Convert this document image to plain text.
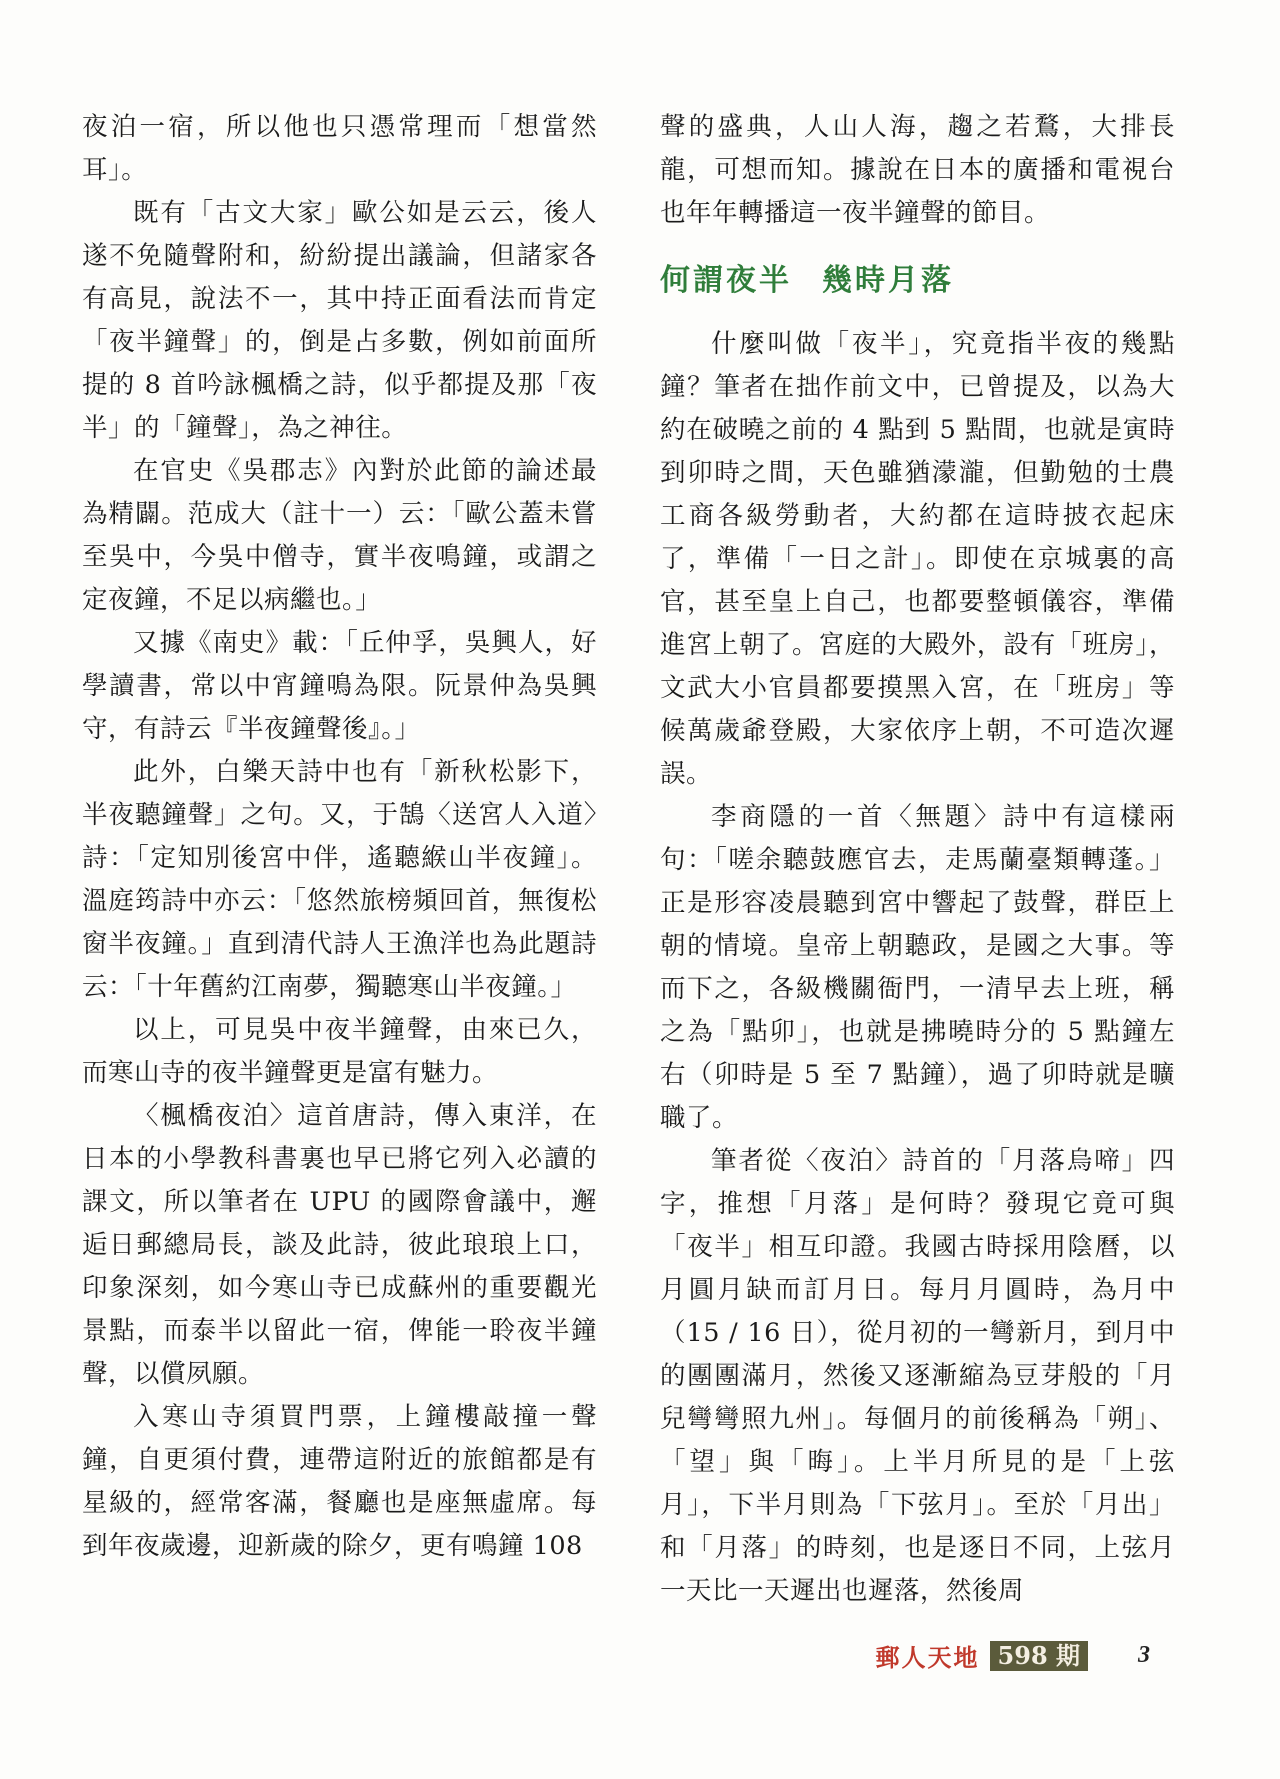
夜泊一宿，所以他也只憑常理而「想當然耳」。

既有「古文大家」歐公如是云云，後人遂不免隨聲附和，紛紛提出議論，但諸家各有高見，說法不一，其中持正面看法而肯定「夜半鐘聲」的，倒是占多數，例如前面所提的 8 首吟詠楓橋之詩，似乎都提及那「夜半」的「鐘聲」，為之神往。

在官史《吳郡志》內對於此節的論述最為精闢。范成大（註十一）云：「歐公蓋未嘗至吳中，今吳中僧寺，實半夜鳴鐘，或謂之定夜鐘，不足以病繼也。」

又據《南史》載：「丘仲孚，吳興人，好學讀書，常以中宵鐘鳴為限。阮景仲為吳興守，有詩云『半夜鐘聲後』。」

此外，白樂天詩中也有「新秋松影下，半夜聽鐘聲」之句。又，于鵠〈送宮人入道〉詩：「定知別後宮中伴，遙聽緱山半夜鐘」。溫庭筠詩中亦云：「悠然旅榜頻回首，無復松窗半夜鐘。」直到清代詩人王漁洋也為此題詩云：「十年舊約江南夢，獨聽寒山半夜鐘。」

以上，可見吳中夜半鐘聲，由來已久，而寒山寺的夜半鐘聲更是富有魅力。

〈楓橋夜泊〉這首唐詩，傳入東洋，在日本的小學教科書裏也早已將它列入必讀的課文，所以筆者在 UPU 的國際會議中，邂逅日郵總局長，談及此詩，彼此琅琅上口，印象深刻，如今寒山寺已成蘇州的重要觀光景點，而泰半以留此一宿，俾能一聆夜半鐘聲，以償夙願。

入寒山寺須買門票，上鐘樓敲撞一聲鐘，自更須付費，連帶這附近的旅館都是有星級的，經常客滿，餐廳也是座無虛席。每到年夜歲邊，迎新歲的除夕，更有鳴鐘 108

聲的盛典，人山人海，趨之若鶩，大排長龍，可想而知。據說在日本的廣播和電視台也年年轉播這一夜半鐘聲的節目。

何謂夜半 幾時月落

什麼叫做「夜半」，究竟指半夜的幾點鐘？筆者在拙作前文中，已曾提及，以為大約在破曉之前的 4 點到 5 點間，也就是寅時到卯時之間，天色雖猶濛瀧，但勤勉的士農工商各級勞動者，大約都在這時披衣起床了，準備「一日之計」。即使在京城裏的高官，甚至皇上自己，也都要整頓儀容，準備進宮上朝了。宮庭的大殿外，設有「班房」，文武大小官員都要摸黑入宮，在「班房」等候萬歲爺登殿，大家依序上朝，不可造次遲誤。

李商隱的一首〈無題〉詩中有這樣兩句：「嗟余聽鼓應官去，走馬蘭臺類轉蓬。」正是形容凌晨聽到宮中響起了鼓聲，群臣上朝的情境。皇帝上朝聽政，是國之大事。等而下之，各級機關衙門，一清早去上班，稱之為「點卯」，也就是拂曉時分的 5 點鐘左右（卯時是 5 至 7 點鐘），過了卯時就是曠職了。

筆者從〈夜泊〉詩首的「月落烏啼」四字，推想「月落」是何時？發現它竟可與「夜半」相互印證。我國古時採用陰曆，以月圓月缺而訂月日。每月月圓時，為月中（15 / 16 日），從月初的一彎新月，到月中的團團滿月，然後又逐漸縮為豆芽般的「月兒彎彎照九州」。每個月的前後稱為「朔」、「望」與「晦」。上半月所見的是「上弦月」，下半月則為「下弦月」。至於「月出」和「月落」的時刻，也是逐日不同，上弦月一天比一天遲出也遲落，然後周

郵人天地 598 期	3
